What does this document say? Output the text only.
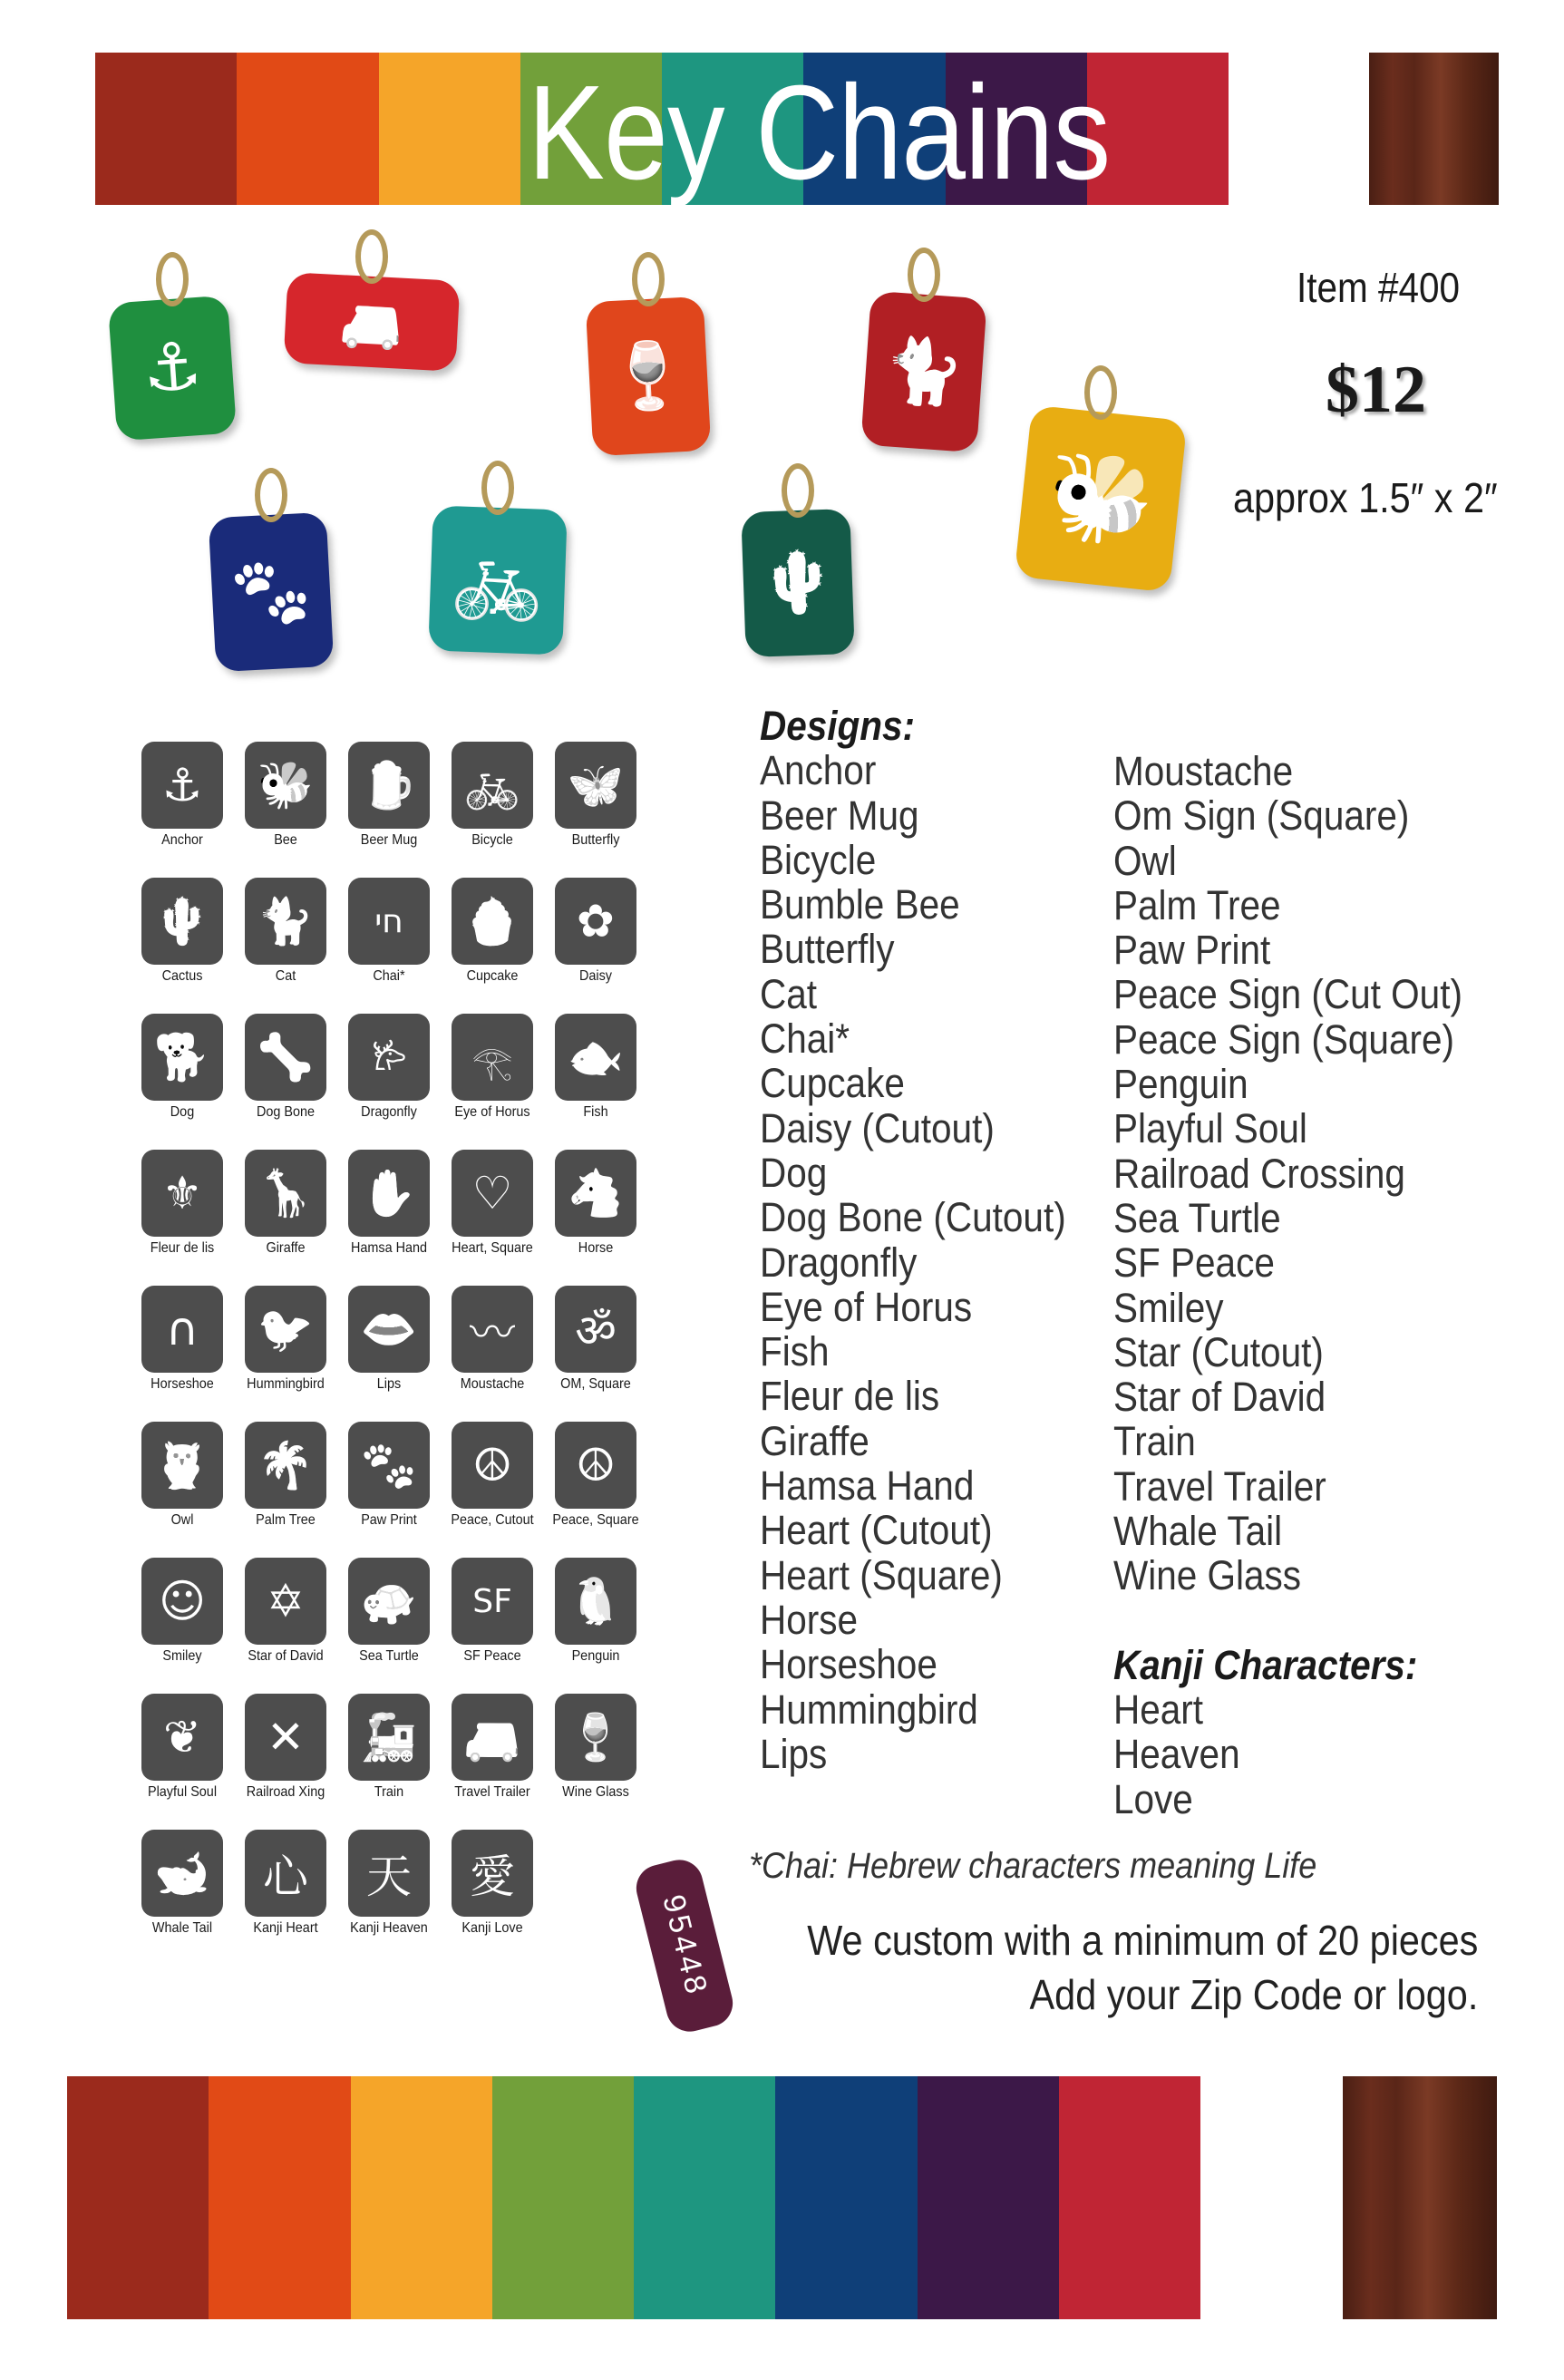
Key Chains
⚓
🚐
🍷	🐈
🐝
🐾 🚲	🌵
Item #400
$12
approx 1.5″ x 2″
⚓
Anchor
🐝
Bee
🍺
Beer Mug
🚲
Bicycle
🦋
Butterfly
🌵
Cactus
🐈
Cat
חי
Chai*
🧁
Cupcake
✿
Daisy
🐕
Dog
🦴
Dog Bone
𐂂
Dragonfly
𓂀
Eye of Horus
🐟
Fish
⚜
Fleur de lis
🦒
Giraffe
✋
Hamsa Hand
♡
Heart, Square
🐴
Horse
∩
Horseshoe
🐦
Hummingbird
👄
Lips
〰
Moustache
ॐ
OM, Square
🦉
Owl
🌴
Palm Tree
🐾
Paw Print
☮
Peace, Cutout
☮
Peace, Square
☺
Smiley
✡
Star of David
🐢
Sea Turtle
SF
SF Peace
🐧
Penguin
❦
Playful Soul
✕
Railroad Xing
🚂
Train
🚐
Travel Trailer
🍷
Wine Glass
🐋
Whale Tail
心
Kanji Heart
天
Kanji Heaven
愛
Kanji Love
Designs:
Anchor
Beer Mug
Bicycle
Bumble Bee
Butterfly
Cat
Chai*
Cupcake
Daisy (Cutout)
Dog
Dog Bone (Cutout)
Dragonfly
Eye of Horus
Fish
Fleur de lis
Giraffe
Hamsa Hand
Heart (Cutout)
Heart (Square)
Horse
Horseshoe
Hummingbird
Lips
Moustache
Om Sign (Square)
Owl
Palm Tree
Paw Print
Peace Sign (Cut Out)
Peace Sign (Square)
Penguin
Playful Soul
Railroad Crossing
Sea Turtle
SF Peace
Smiley
Star (Cutout)
Star of David
Train
Travel Trailer
Whale Tail
Wine Glass
Kanji Characters:
Heart
Heaven
Love
*Chai: Hebrew characters meaning Life
95448	We custom with a minimum of 20 pieces
Add your Zip Code or logo.
